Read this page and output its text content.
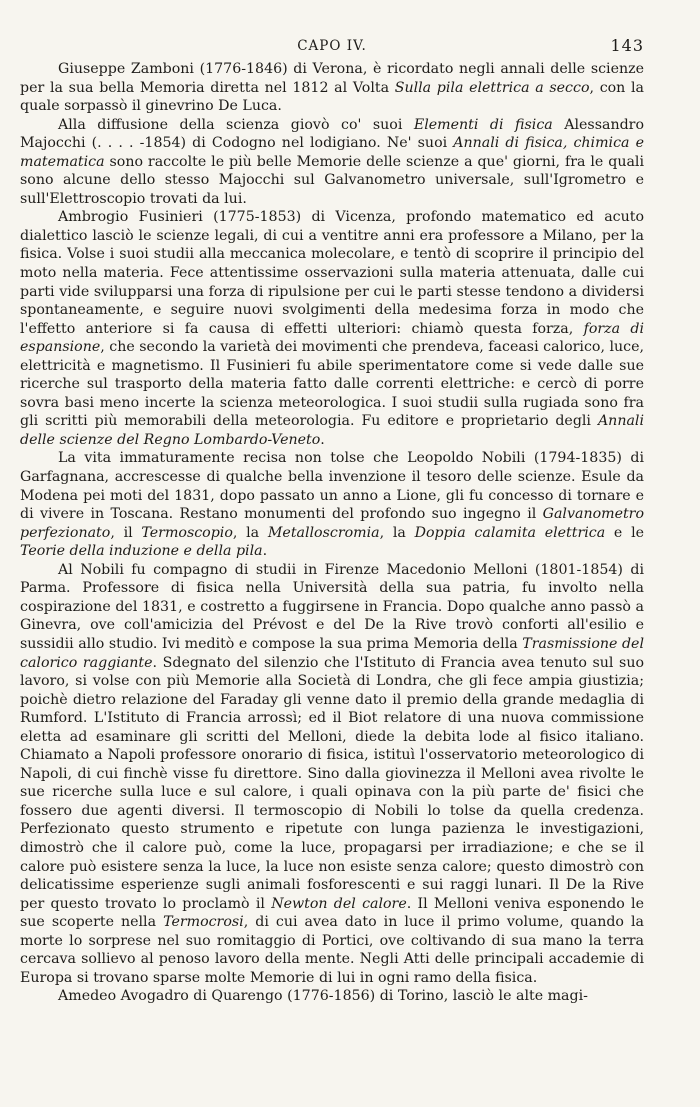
CAPO IV.	143

Giuseppe Zamboni (1776-1846) di Verona, è ricordato negli annali delle scienze per la sua bella Memoria diretta nel 1812 al Volta Sulla pila elettrica a secco, con la quale sorpassò il ginevrino De Luca.

Alla diffusione della scienza giovò co' suoi Elementi di fisica Alessandro Majocchi (. . . . -1854) di Codogno nel lodigiano. Ne' suoi Annali di fisica, chimica e matematica sono raccolte le più belle Memorie delle scienze a que' giorni, fra le quali sono alcune dello stesso Majocchi sul Galvanometro universale, sull'Igrometro e sull'Elettroscopio trovati da lui.

Ambrogio Fusinieri (1775-1853) di Vicenza, profondo matematico ed acuto dialettico lasciò le scienze legali, di cui a ventitre anni era professore a Milano, per la fisica. Volse i suoi studii alla meccanica molecolare, e tentò di scoprire il principio del moto nella materia. Fece attentissime osservazioni sulla materia attenuata, dalle cui parti vide svilupparsi una forza di ripulsione per cui le parti stesse tendono a dividersi spontaneamente, e seguire nuovi svolgimenti della medesima forza in modo che l'effetto anteriore si fa causa di effetti ulteriori: chiamò questa forza, forza di espansione, che secondo la varietà dei movimenti che prendeva, faceasi calorico, luce, elettricità e magnetismo. Il Fusinieri fu abile sperimentatore come si vede dalle sue ricerche sul trasporto della materia fatto dalle correnti elettriche: e cercò di porre sovra basi meno incerte la scienza meteorologica. I suoi studii sulla rugiada sono fra gli scritti più memorabili della meteorologia. Fu editore e proprietario degli Annali delle scienze del Regno Lombardo-Veneto.

La vita immaturamente recisa non tolse che Leopoldo Nobili (1794-1835) di Garfagnana, accrescesse di qualche bella invenzione il tesoro delle scienze. Esule da Modena pei moti del 1831, dopo passato un anno a Lione, gli fu concesso di tornare e di vivere in Toscana. Restano monumenti del profondo suo ingegno il Galvanometro perfezionato, il Termoscopio, la Metalloscromia, la Doppia calamita elettrica e le Teorie della induzione e della pila.

Al Nobili fu compagno di studii in Firenze Macedonio Melloni (1801-1854) di Parma. Professore di fisica nella Università della sua patria, fu involto nella cospirazione del 1831, e costretto a fuggirsene in Francia. Dopo qualche anno passò a Ginevra, ove coll'amicizia del Prévost e del De la Rive trovò conforti all'esilio e sussidii allo studio. Ivi meditò e compose la sua prima Memoria della Trasmissione del calorico raggiante. Sdegnato del silenzio che l'Istituto di Francia avea tenuto sul suo lavoro, si volse con più Memorie alla Società di Londra, che gli fece ampia giustizia; poichè dietro relazione del Faraday gli venne dato il premio della grande medaglia di Rumford. L'Istituto di Francia arrossì; ed il Biot relatore di una nuova commissione eletta ad esaminare gli scritti del Melloni, diede la debita lode al fisico italiano. Chiamato a Napoli professore onorario di fisica, istituì l'osservatorio meteorologico di Napoli, di cui finchè visse fu direttore. Sino dalla giovinezza il Melloni avea rivolte le sue ricerche sulla luce e sul calore, i quali opinava con la più parte de' fisici che fossero due agenti diversi. Il termoscopio di Nobili lo tolse da quella credenza. Perfezionato questo strumento e ripetute con lunga pazienza le investigazioni, dimostrò che il calore può, come la luce, propagarsi per irradiazione; e che se il calore può esistere senza la luce, la luce non esiste senza calore; questo dimostrò con delicatissime esperienze sugli animali fosforescenti e sui raggi lunari. Il De la Rive per questo trovato lo proclamò il Newton del calore. Il Melloni veniva esponendo le sue scoperte nella Termocrosi, di cui avea dato in luce il primo volume, quando la morte lo sorprese nel suo romitaggio di Portici, ove coltivando di sua mano la terra cercava sollievo al penoso lavoro della mente. Negli Atti delle principali accademie di Europa si trovano sparse molte Memorie di lui in ogni ramo della fisica.

Amedeo Avogadro di Quarengo (1776-1856) di Torino, lasciò le alte magi-
